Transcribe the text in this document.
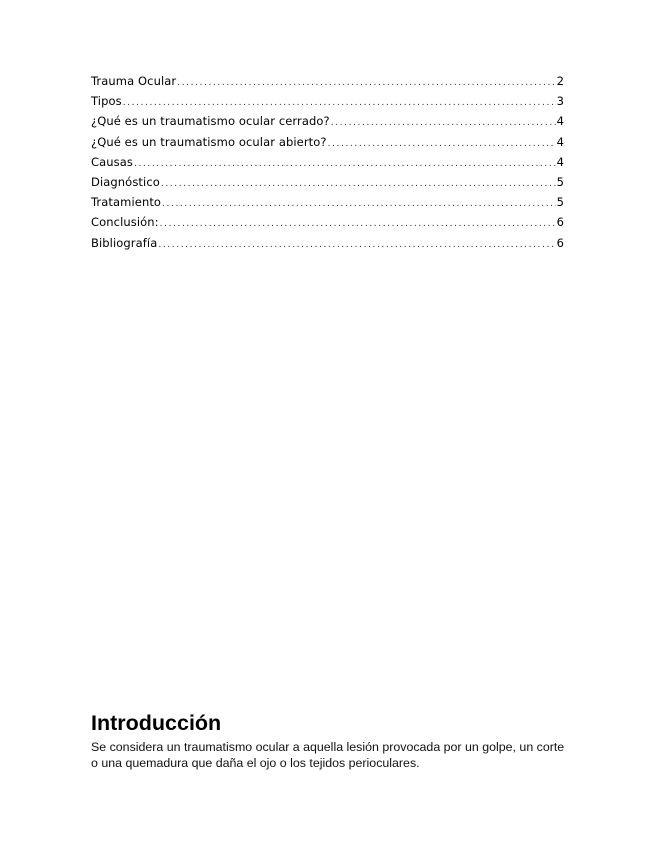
Trauma Ocular .....	2
Tipos .....	3
¿Qué es un traumatismo ocular cerrado? .....	4
¿Qué es un traumatismo ocular abierto? .....	4
Causas .....	4
Diagnóstico .....	5
Tratamiento .....	5
Conclusión: .....	6
Bibliografía .....	6
Introducción

Se considera un traumatismo ocular a aquella lesión provocada por un golpe, un corte o una quemadura que daña el ojo o los tejidos perioculares.
